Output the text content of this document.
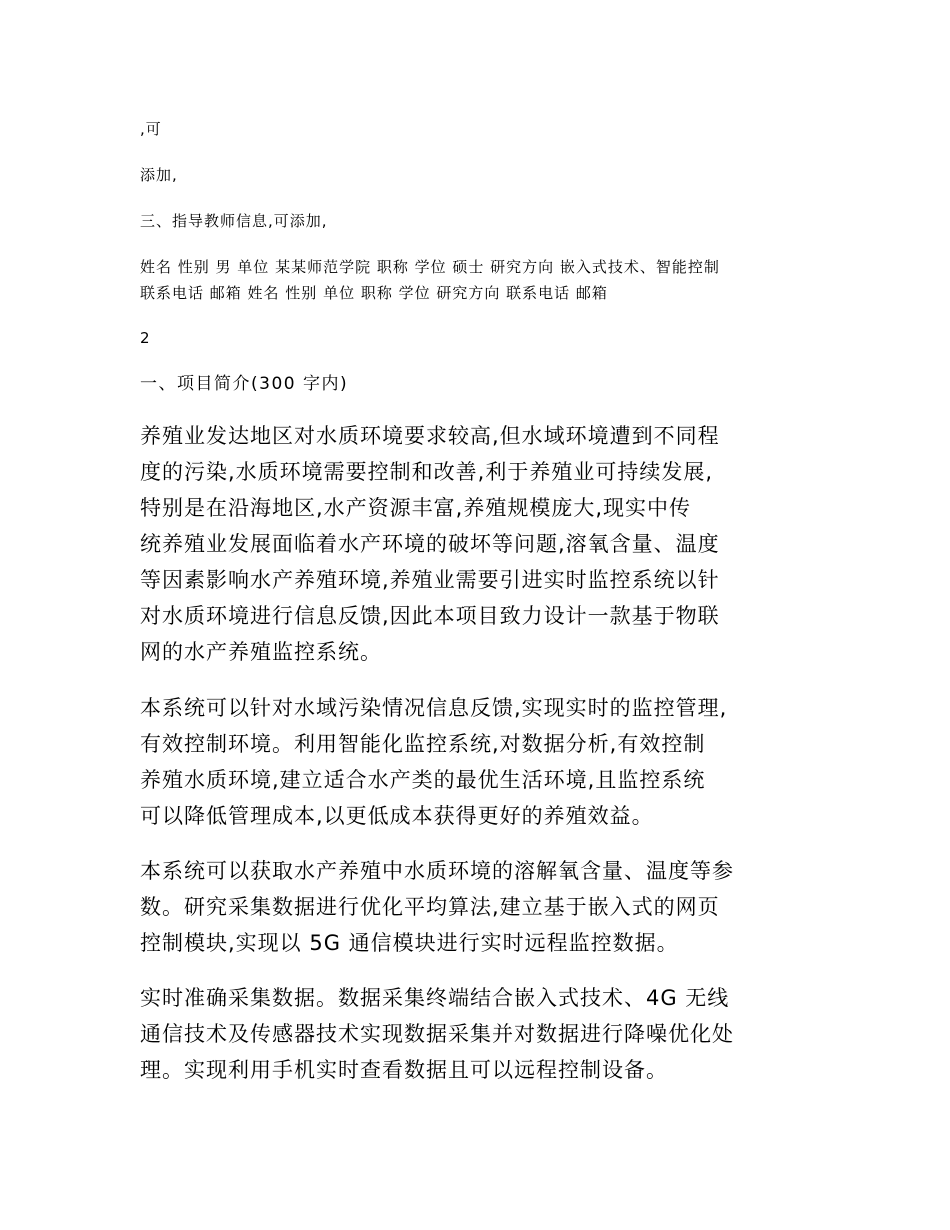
,可

添加,

三、指导教师信息,可添加,

姓名 性别 男 单位 某某师范学院 职称 学位 硕士 研究方向 嵌入式技术、智能控制

联系电话 邮箱 姓名 性别 单位 职称 学位 研究方向 联系电话 邮箱

2

一、项目简介(300 字内)

养殖业发达地区对水质环境要求较高,但水域环境遭到不同程
度的污染,水质环境需要控制和改善,利于养殖业可持续发展,
特别是在沿海地区,水产资源丰富,养殖规模庞大,现实中传
统养殖业发展面临着水产环境的破坏等问题,溶氧含量、温度
等因素影响水产养殖环境,养殖业需要引进实时监控系统以针
对水质环境进行信息反馈,因此本项目致力设计一款基于物联
网的水产养殖监控系统。
本系统可以针对水域污染情况信息反馈,实现实时的监控管理,
有效控制环境。利用智能化监控系统,对数据分析,有效控制
养殖水质环境,建立适合水产类的最优生活环境,且监控系统
可以降低管理成本,以更低成本获得更好的养殖效益。
本系统可以获取水产养殖中水质环境的溶解氧含量、温度等参
数。研究采集数据进行优化平均算法,建立基于嵌入式的网页
控制模块,实现以 5G 通信模块进行实时远程监控数据。
实时准确采集数据。数据采集终端结合嵌入式技术、4G 无线
通信技术及传感器技术实现数据采集并对数据进行降噪优化处
理。实现利用手机实时查看数据且可以远程控制设备。
